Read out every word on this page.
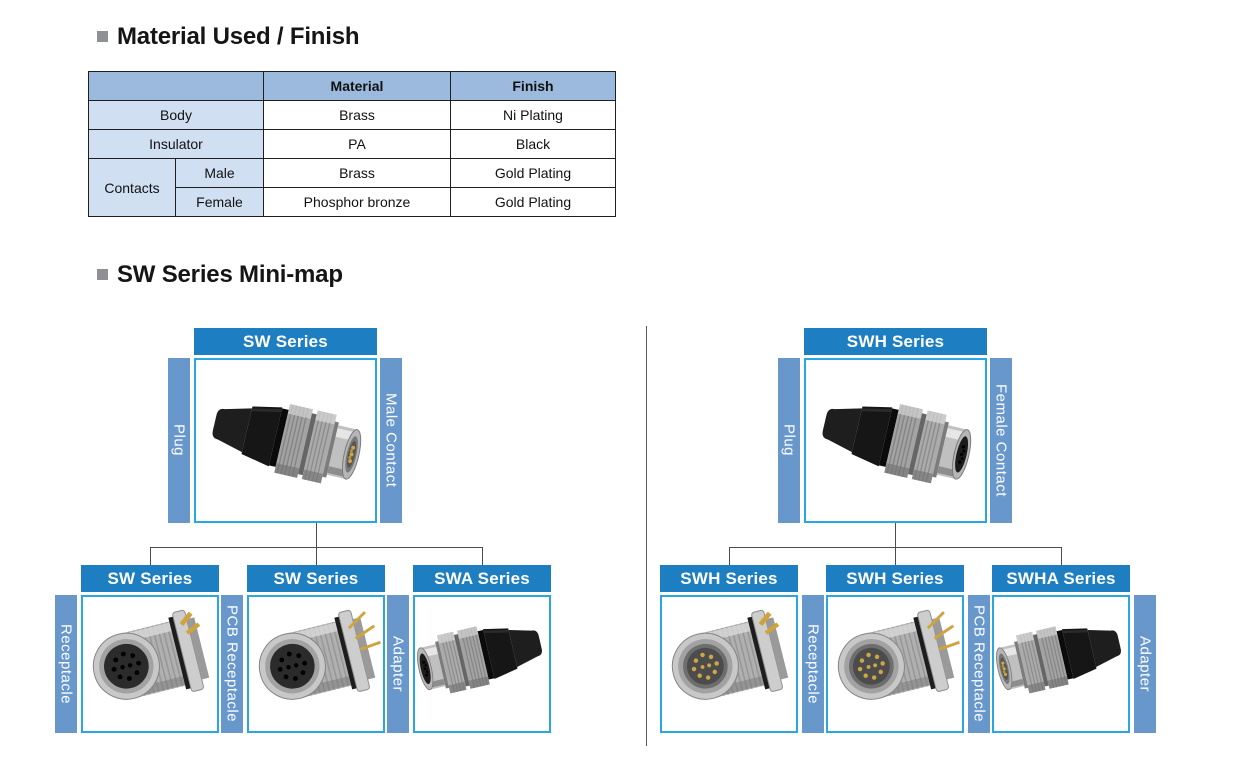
Material Used / Finish
		Material	Finish
Body		Brass	Ni Plating
Insulator		PA	Black
Contacts	Male	Brass	Gold Plating
	Female	Phosphor bronze	Gold Plating
SW Series Mini-map
SW Series
Plug	Male Contact
SW Series
Receptacle
SW Series
PCB Receptacle
SWA Series
Adapter
SWH Series
Plug	Female Contact
SWH Series
Receptacle
SWH Series
PCB Receptacle
SWHA Series
Adapter
